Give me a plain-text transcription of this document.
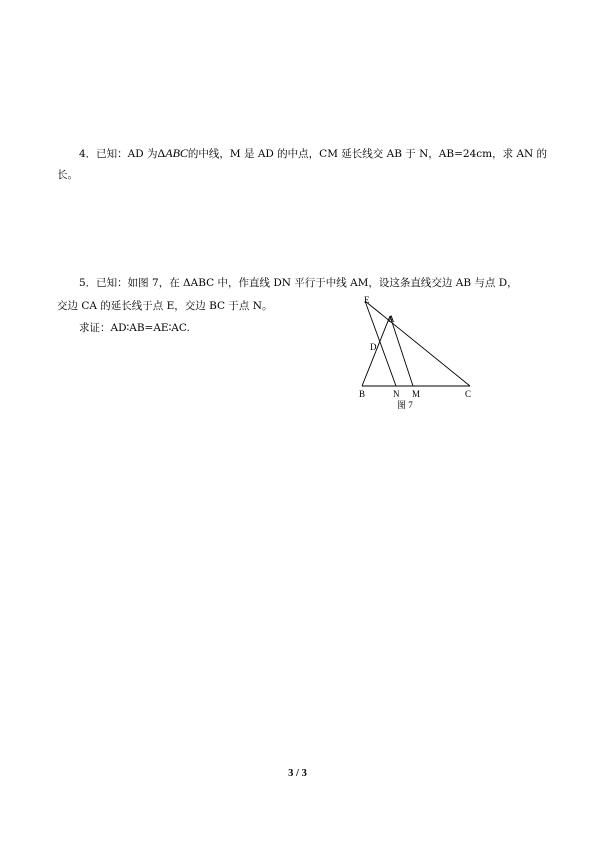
4．已知：AD 为ΔABC的中线，M 是 AD 的中点，CM 延长线交 AB 于 N，AB=24cm，求 AN 的
长。
5．已知：如图 7，在 ΔABC 中，作直线 DN 平行于中线 AM，设这条直线交边 AB 与点 D，
交边 CA 的延长线于点 E，交边 BC 于点 N。
求证：AD∶AB=AE∶AC.
E
A
D
B	N M	C
图 7
3 / 3
